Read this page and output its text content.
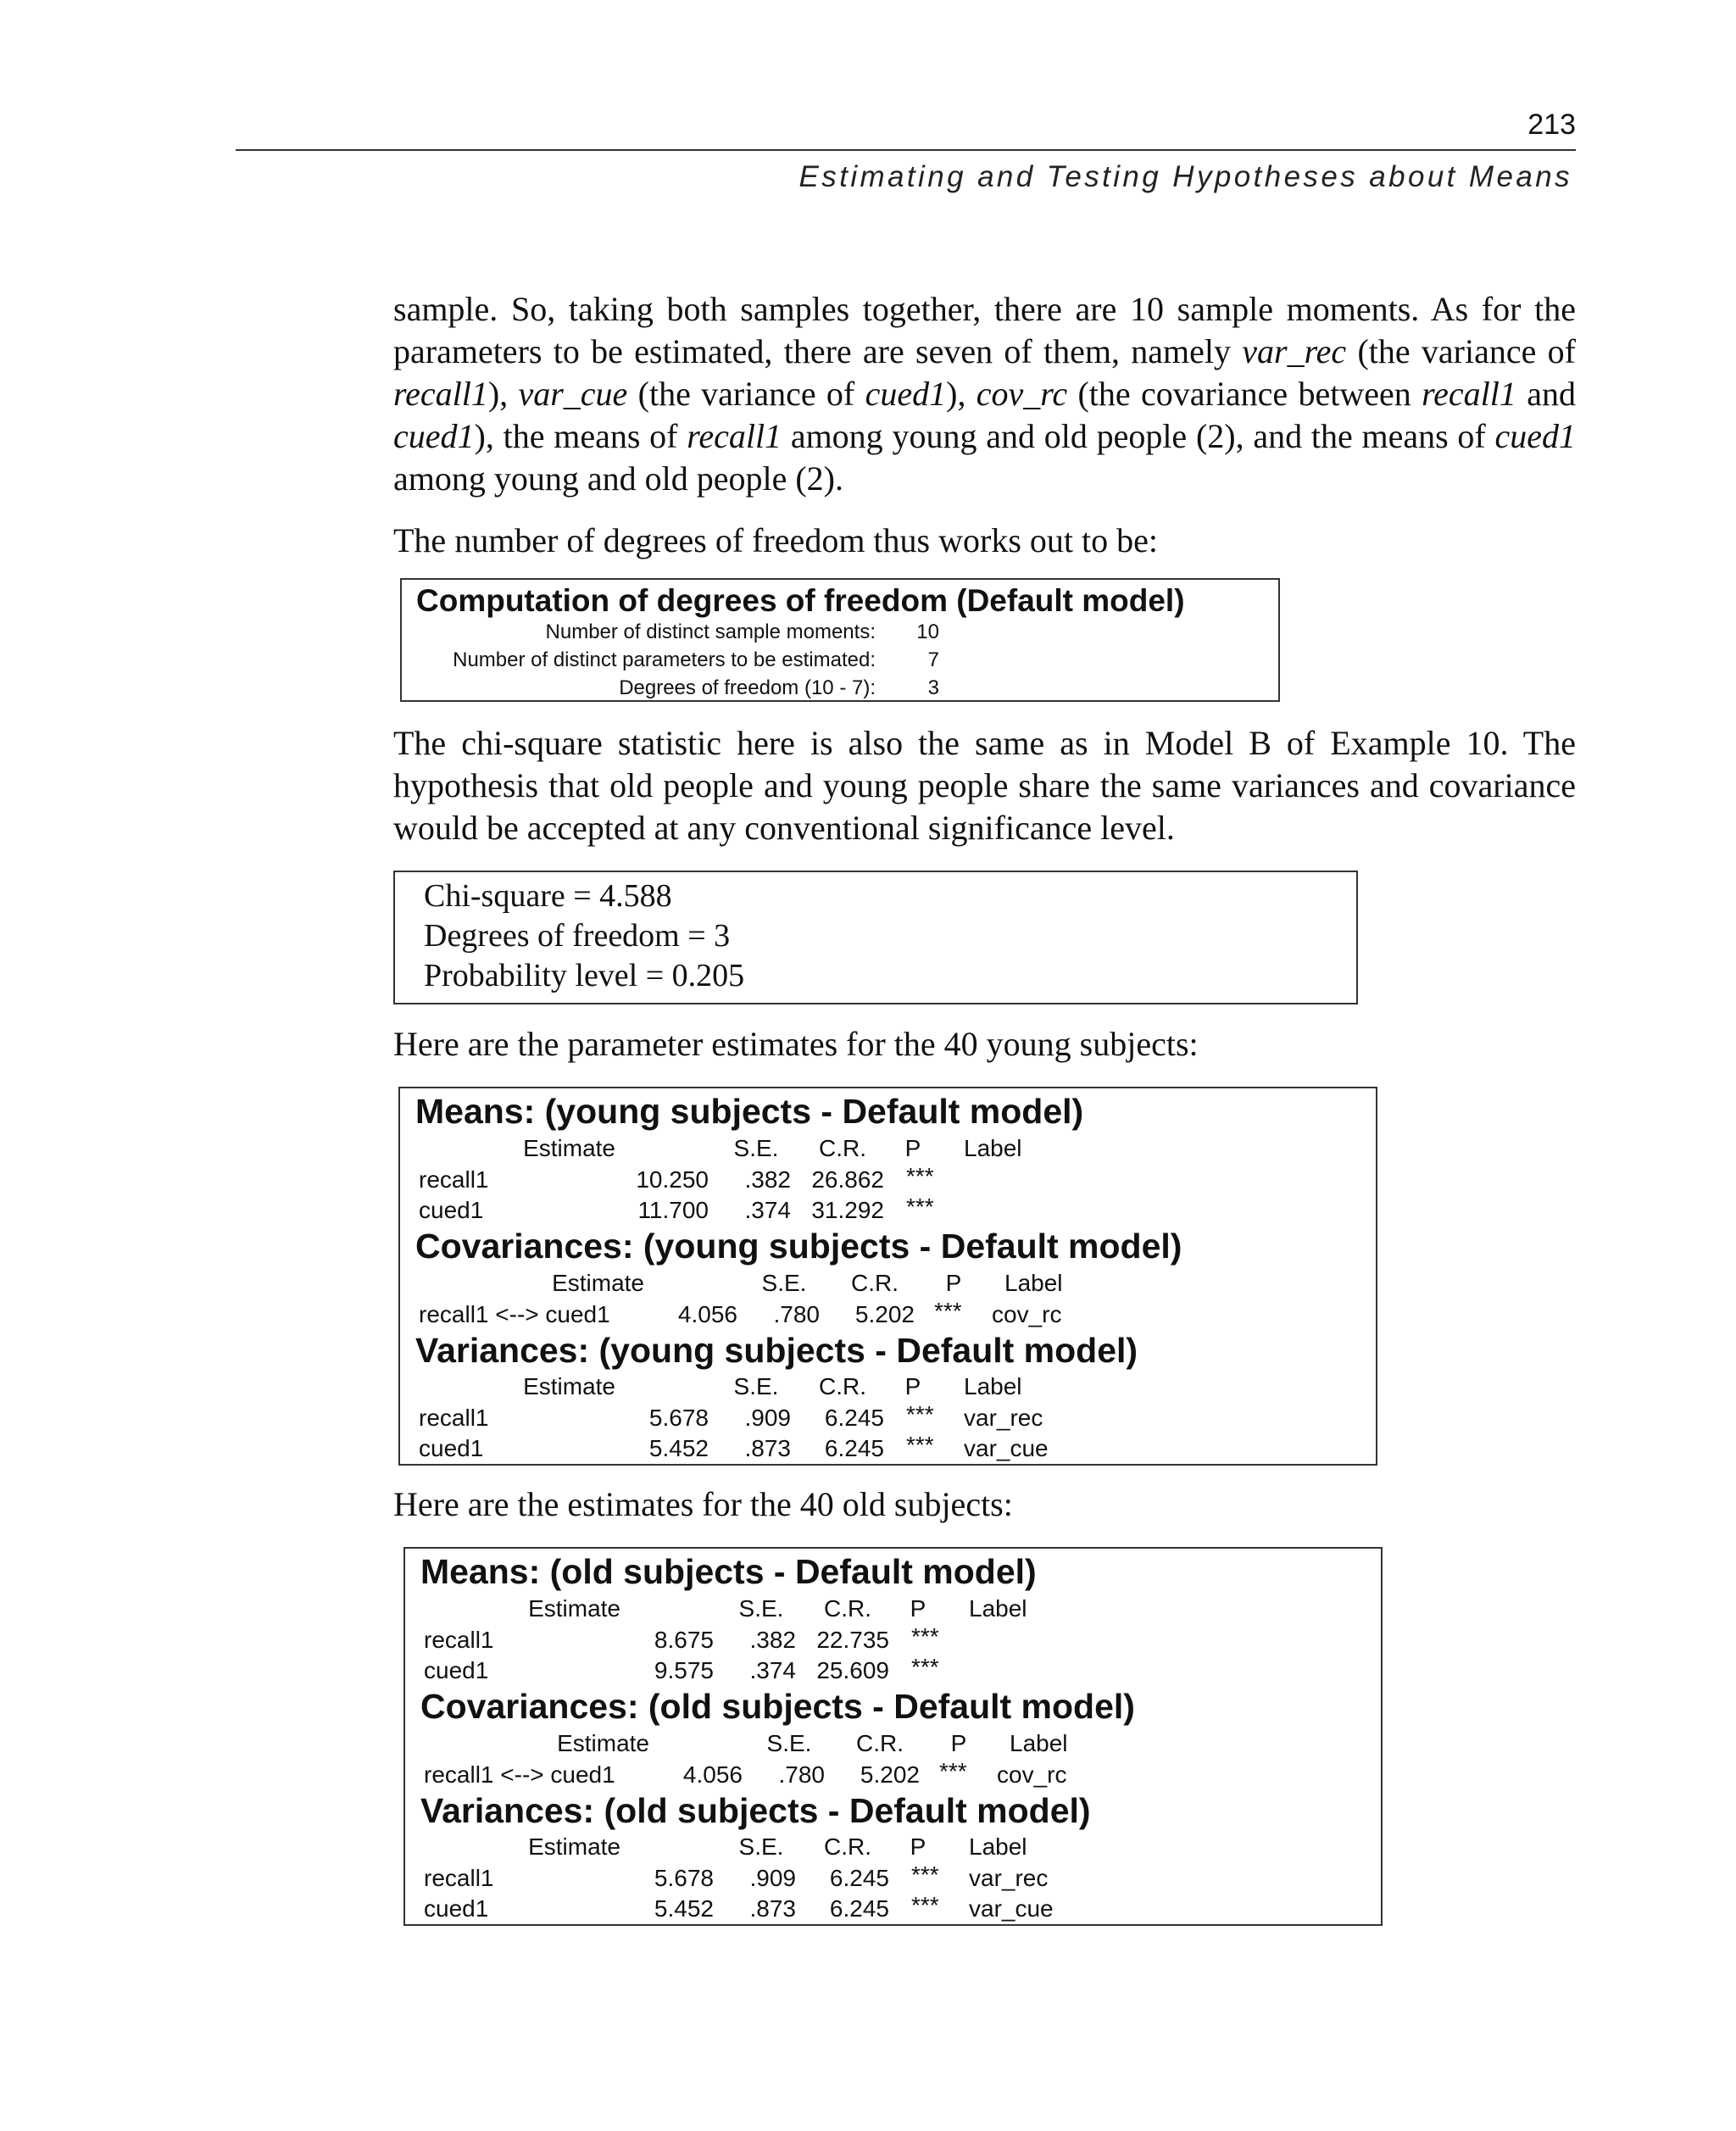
213
Estimating and Testing Hypotheses about Means

sample. So, taking both samples together, there are 10 sample moments. As for the parameters to be estimated, there are seven of them, namely var_rec (the variance of recall1), var_cue (the variance of cued1), cov_rc (the covariance between recall1 and cued1), the means of recall1 among young and old people (2), and the means of cued1 among young and old people (2).

The number of degrees of freedom thus works out to be:

Computation of degrees of freedom (Default model)
Number of distinct sample moments: 10
Number of distinct parameters to be estimated:	7
Degrees of freedom (10 - 7):	3

The chi-square statistic here is also the same as in Model B of Example 10. The hypothesis that old people and young people share the same variances and covariance would be accepted at any conventional significance level.

Chi-square = 4.588
Degrees of freedom = 3
Probability level = 0.205

Here are the parameter estimates for the 40 young subjects:

Means: (young subjects - Default model)
Estimate	S.E.	C.R.	P	Label
recall1	10.250	.382 26.862 ***
cued1	11.700	.374 31.292 ***
Covariances: (young subjects - Default model)
Estimate	S.E.	C.R.	P	Label
recall1 <--> cued1	4.056	.780	5.202 *** cov_rc
Variances: (young subjects - Default model)
Estimate	S.E.	C.R.	P	Label
recall1	5.678	.909	6.245 *** var_rec
cued1	5.452	.873	6.245 *** var_cue

Here are the estimates for the 40 old subjects:

Means: (old subjects - Default model)
Estimate	S.E.	C.R.	P	Label
recall1	8.675	.382 22.735 ***
cued1	9.575	.374 25.609 ***
Covariances: (old subjects - Default model)
Estimate	S.E.	C.R.	P	Label
recall1 <--> cued1	4.056	.780	5.202 *** cov_rc
Variances: (old subjects - Default model)
Estimate	S.E.	C.R.	P	Label
recall1	5.678	.909	6.245 *** var_rec
cued1	5.452	.873	6.245 *** var_cue
